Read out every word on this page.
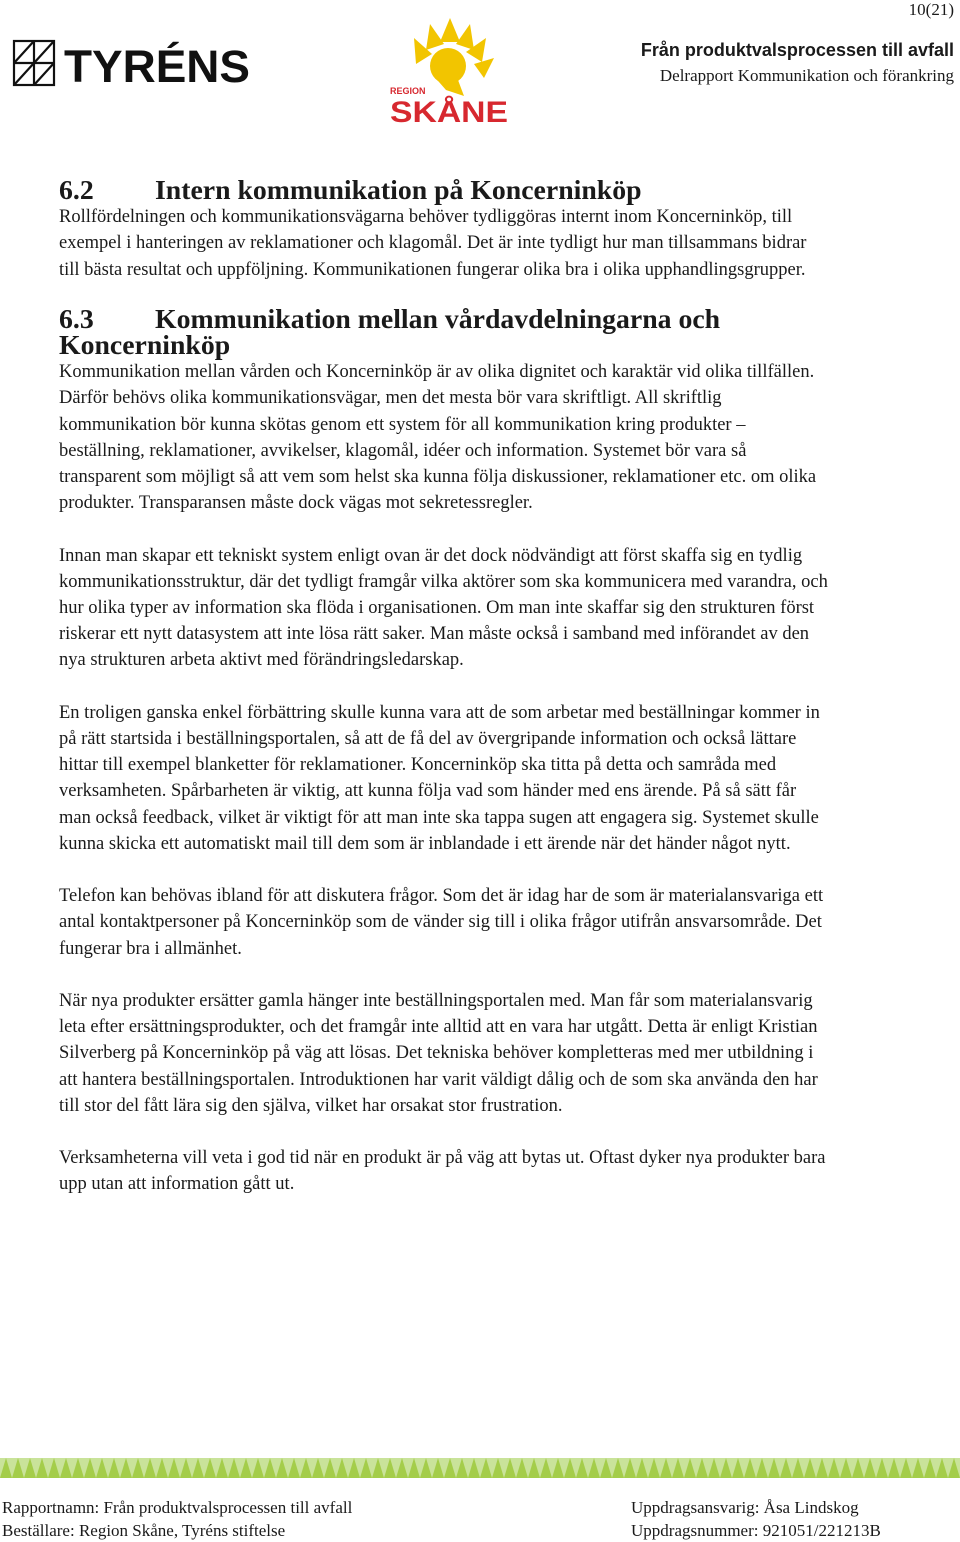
10(21)
TYRÉNS	REGION
SKÅNE
Från produktvalsprocessen till avfall
Delrapport Kommunikation och förankring
6.2 Intern kommunikation på Koncerninköp

Rollfördelningen och kommunikationsvägarna behöver tydliggöras internt inom Koncerninköp, till exempel i hanteringen av reklamationer och klagomål. Det är inte tydligt hur man tillsammans bidrar till bästa resultat och uppföljning. Kommunikationen fungerar olika bra i olika upphandlingsgrupper.

6.3 Kommunikation mellan vårdavdelningarna och Koncerninköp

Kommunikation mellan vården och Koncerninköp är av olika dignitet och karaktär vid olika tillfällen. Därför behövs olika kommunikationsvägar, men det mesta bör vara skriftligt. All skriftlig kommunikation bör kunna skötas genom ett system för all kommunikation kring produkter – beställning, reklamationer, avvikelser, klagomål, idéer och information. Systemet bör vara så transparent som möjligt så att vem som helst ska kunna följa diskussioner, reklamationer etc. om olika produkter. Transparansen måste dock vägas mot sekretessregler.

Innan man skapar ett tekniskt system enligt ovan är det dock nödvändigt att först skaffa sig en tydlig kommunikationsstruktur, där det tydligt framgår vilka aktörer som ska kommunicera med varandra, och hur olika typer av information ska flöda i organisationen. Om man inte skaffar sig den strukturen först riskerar ett nytt datasystem att inte lösa rätt saker. Man måste också i samband med införandet av den nya strukturen arbeta aktivt med förändringsledarskap.

En troligen ganska enkel förbättring skulle kunna vara att de som arbetar med beställningar kommer in på rätt startsida i beställningsportalen, så att de få del av övergripande information och också lättare hittar till exempel blanketter för reklamationer. Koncerninköp ska titta på detta och samråda med verksamheten. Spårbarheten är viktig, att kunna följa vad som händer med ens ärende. På så sätt får man också feedback, vilket är viktigt för att man inte ska tappa sugen att engagera sig. Systemet skulle kunna skicka ett automatiskt mail till dem som är inblandade i ett ärende när det händer något nytt.

Telefon kan behövas ibland för att diskutera frågor. Som det är idag har de som är materialansvariga ett antal kontaktpersoner på Koncerninköp som de vänder sig till i olika frågor utifrån ansvarsområde. Det fungerar bra i allmänhet.

När nya produkter ersätter gamla hänger inte beställningsportalen med. Man får som materialansvarig leta efter ersättningsprodukter, och det framgår inte alltid att en vara har utgått. Detta är enligt Kristian Silverberg på Koncerninköp på väg att lösas. Det tekniska behöver kompletteras med mer utbildning i att hantera beställningsportalen. Introduktionen har varit väldigt dålig och de som ska använda den har till stor del fått lära sig den själva, vilket har orsakat stor frustration.

Verksamheterna vill veta i god tid när en produkt är på väg att bytas ut. Oftast dyker nya produkter bara upp utan att information gått ut.

Rapportnamn: Från produktvalsprocessen till avfall
Beställare: Region Skåne, Tyréns stiftelse
Uppdragsansvarig: Åsa Lindskog
Uppdragsnummer: 921051/221213B
